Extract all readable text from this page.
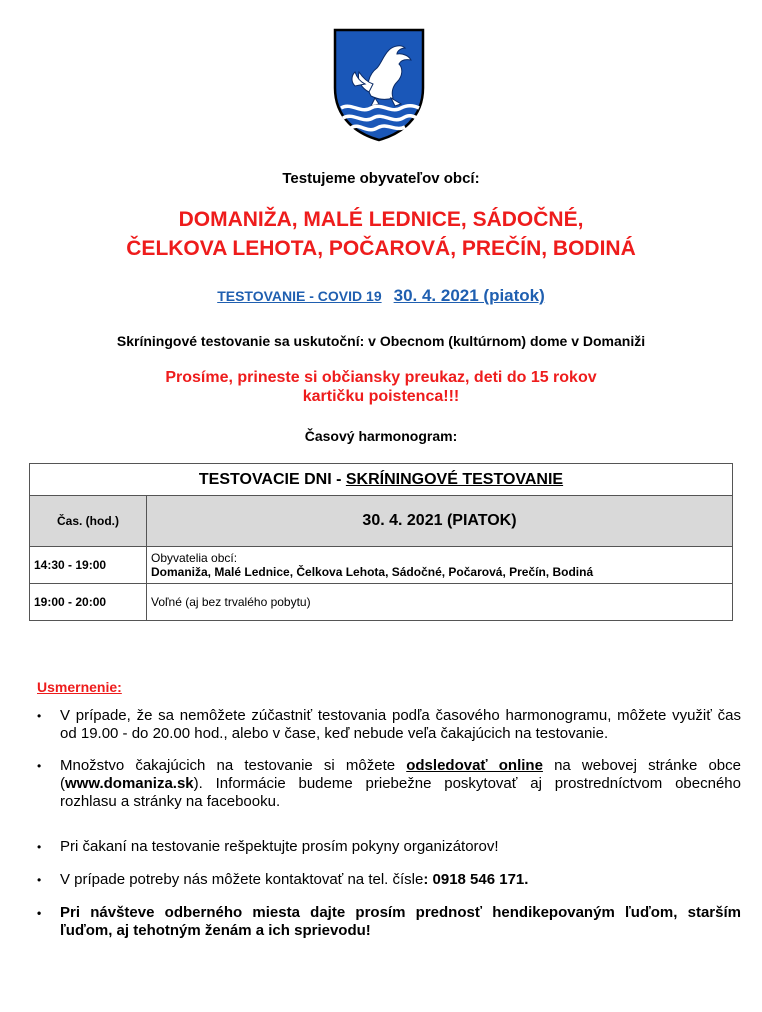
Testujeme obyvateľov obcí:
DOMANIŽA, MALÉ LEDNICE, SÁDOČNÉ,
ČELKOVA LEHOTA, POČAROVÁ, PREČÍN, BODINÁ
TESTOVANIE - COVID 19 30. 4. 2021 (piatok)
Skríningové testovanie sa uskutoční: v Obecnom (kultúrnom) dome v Domaniži
Prosíme, prineste si občiansky preukaz, deti do 15 rokov
kartičku poistenca!!!
Časový harmonogram:
TESTOVACIE DNI - SKRÍNINGOVÉ TESTOVANIE	
Čas. (hod.)	30. 4. 2021 (PIATOK)
14:30 - 19:00	Obyvatelia obcí:
Domaniža, Malé Lednice, Čelkova Lehota, Sádočné, Počarová, Prečín, Bodiná

19:00 - 20:00	Voľné (aj bez trvalého pobytu)
Usmernenie:
• V prípade, že sa nemôžete zúčastniť testovania podľa časového harmonogramu, môžete využiť čas od 19.00 - do 20.00 hod., alebo v čase, keď nebude veľa čakajúcich na testovanie.
• Množstvo čakajúcich na testovanie si môžete odsledovať online na webovej stránke obce (www.domaniza.sk). Informácie budeme priebežne poskytovať aj prostredníctvom obecného rozhlasu a stránky na facebooku.
• Pri čakaní na testovanie rešpektujte prosím pokyny organizátorov!
• V prípade potreby nás môžete kontaktovať na tel. čísle: 0918 546 171.
• Pri návšteve odberného miesta dajte prosím prednosť hendikepovaným ľuďom, starším ľuďom, aj tehotným ženám a ich sprievodu!
